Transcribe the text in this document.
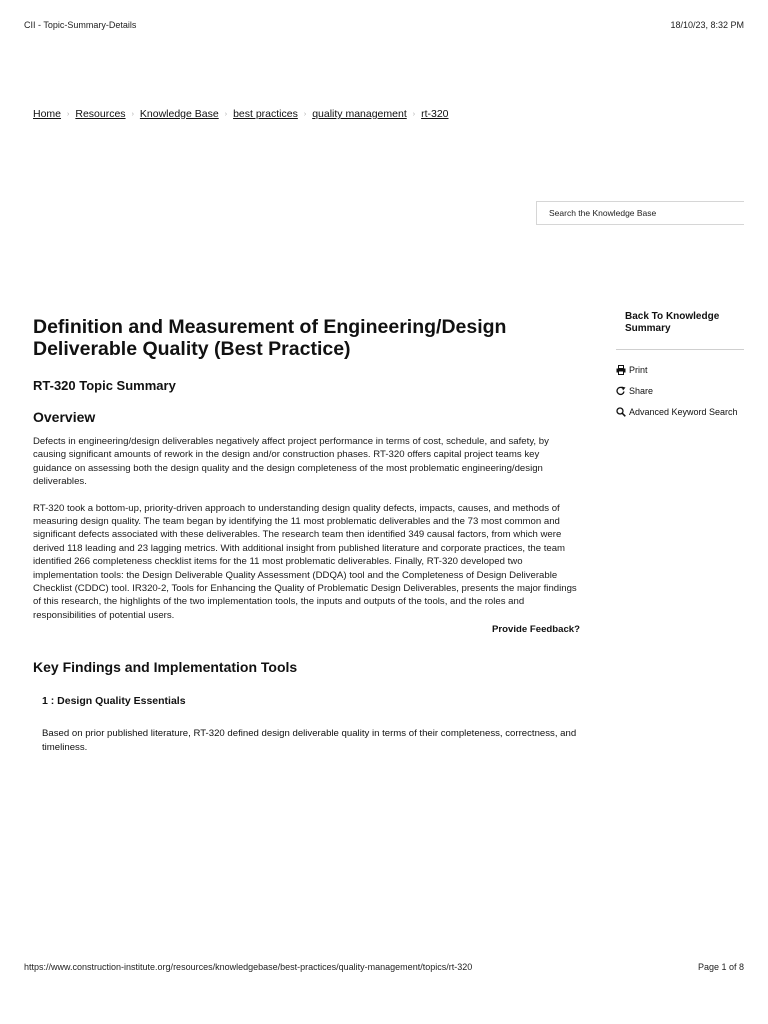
CII - Topic-Summary-Details	18/10/23, 8:32 PM
Home › Resources › Knowledge Base › best practices › quality management › rt-320
Search the Knowledge Base
Back To Knowledge Summary
Print
Share
Advanced Keyword Search
Definition and Measurement of Engineering/Design Deliverable Quality (Best Practice)
RT-320 Topic Summary
Overview

Defects in engineering/design deliverables negatively affect project performance in terms of cost, schedule, and safety, by causing significant amounts of rework in the design and/or construction phases. RT-320 offers capital project teams key guidance on assessing both the design quality and the design completeness of the most problematic engineering/design deliverables.

RT-320 took a bottom-up, priority-driven approach to understanding design quality defects, impacts, causes, and methods of measuring design quality. The team began by identifying the 11 most problematic deliverables and the 73 most common and significant defects associated with these deliverables. The research team then identified 349 causal factors, from which were derived 118 leading and 23 lagging metrics. With additional insight from published literature and corporate practices, the team identified 266 completeness checklist items for the 11 most problematic deliverables. Finally, RT-320 developed two implementation tools: the Design Deliverable Quality Assessment (DDQA) tool and the Completeness of Design Deliverable Checklist (CDDC) tool. IR320-2, Tools for Enhancing the Quality of Problematic Design Deliverables, presents the major findings of this research, the highlights of the two implementation tools, the inputs and outputs of the tools, and the roles and responsibilities of potential users.

Provide Feedback?
Key Findings and Implementation Tools
1 : Design Quality Essentials

Based on prior published literature, RT-320 defined design deliverable quality in terms of their completeness, correctness, and timeliness.

https://www.construction-institute.org/resources/knowledgebase/best-practices/quality-management/topics/rt-320	Page 1 of 8
